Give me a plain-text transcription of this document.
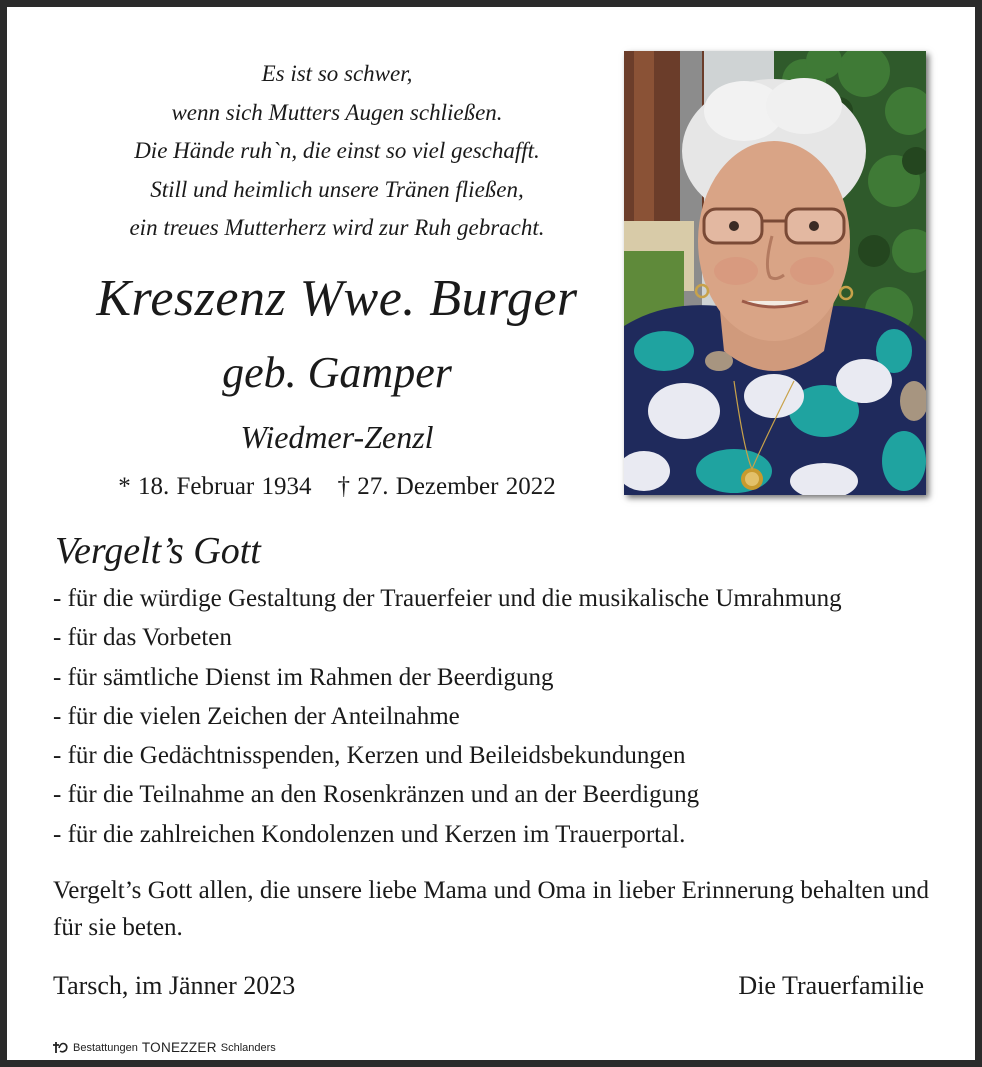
Es ist so schwer,
wenn sich Mutters Augen schließen.
Die Hände ruh`n, die einst so viel geschafft.
Still und heimlich unsere Tränen fließen,
ein treues Mutterherz wird zur Ruh gebracht.
Kreszenz Wwe. Burger
geb. Gamper
Wiedmer-Zenzl
* 18. Februar 1934 † 27. Dezember 2022
Vergelt’s Gott
- für die würdige Gestaltung der Trauerfeier und die musikalische Umrahmung
- für das Vorbeten
- für sämtliche Dienst im Rahmen der Beerdigung
- für die vielen Zeichen der Anteilnahme
- für die Gedächtnisspenden, Kerzen und Beileidsbekundungen
- für die Teilnahme an den Rosenkränzen und an der Beerdigung
- für die zahlreichen Kondolenzen und Kerzen im Trauerportal.
Vergelt’s Gott allen, die unsere liebe Mama und Oma in lieber Erinnerung behalten und für sie beten.
Tarsch, im Jänner 2023	Die Trauerfamilie
Bestattungen TONEZZER Schlanders
